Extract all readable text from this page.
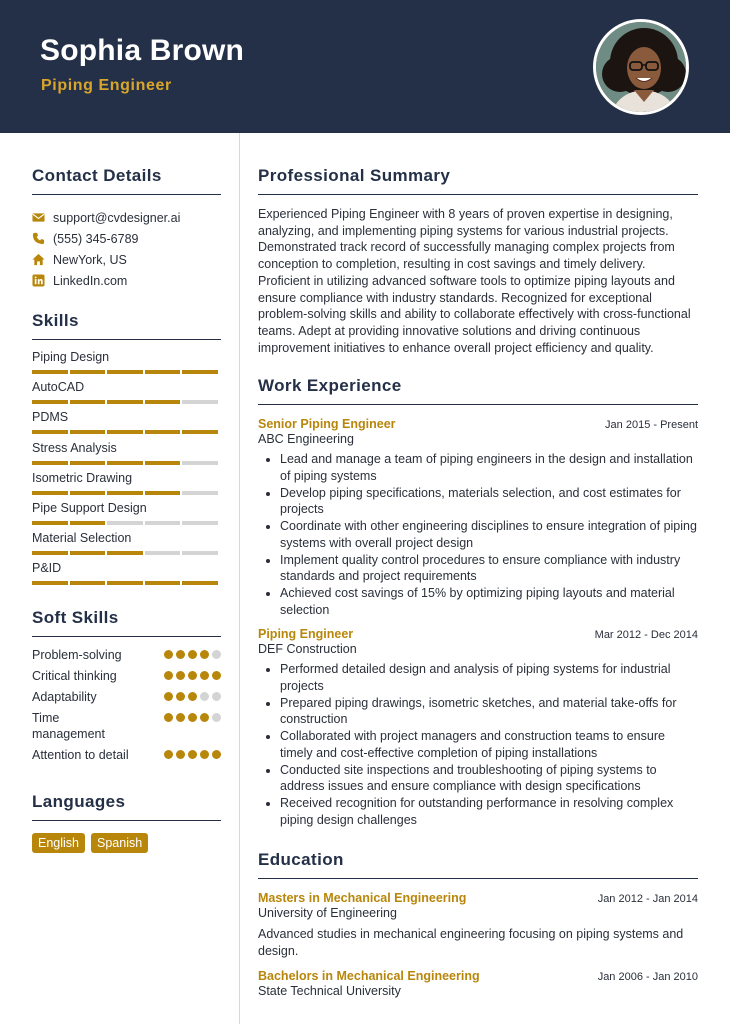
Sophia Brown
Piping Engineer
Contact Details
support@cvdesigner.ai
(555) 345-6789
NewYork, US
LinkedIn.com
Skills
Piping Design
AutoCAD
PDMS
Stress Analysis
Isometric Drawing
Pipe Support Design
Material Selection
P&ID
Soft Skills
Problem-solving
Critical thinking
Adaptability
Time management
Attention to detail
Languages
English	Spanish
Professional Summary

Experienced Piping Engineer with 8 years of proven expertise in designing, analyzing, and implementing piping systems for various industrial projects. Demonstrated track record of successfully managing complex projects from conception to completion, resulting in cost savings and timely delivery. Proficient in utilizing advanced software tools to optimize piping layouts and ensure compliance with industry standards. Recognized for exceptional problem-solving skills and ability to collaborate effectively with cross-functional teams. Adept at providing innovative solutions and driving continuous improvement initiatives to enhance overall project efficiency and quality.

Work Experience
Senior Piping Engineer	Jan 2015 - Present
ABC Engineering
• Lead and manage a team of piping engineers in the design and installation of piping systems
• Develop piping specifications, materials selection, and cost estimates for projects
• Coordinate with other engineering disciplines to ensure integration of piping systems with overall project design
• Implement quality control procedures to ensure compliance with industry standards and project requirements
• Achieved cost savings of 15% by optimizing piping layouts and material selection
Piping Engineer	Mar 2012 - Dec 2014
DEF Construction
• Performed detailed design and analysis of piping systems for industrial projects
• Prepared piping drawings, isometric sketches, and material take-offs for construction
• Collaborated with project managers and construction teams to ensure timely and cost-effective completion of piping installations
• Conducted site inspections and troubleshooting of piping systems to address issues and ensure compliance with design specifications
• Received recognition for outstanding performance in resolving complex piping design challenges
Education
Masters in Mechanical Engineering	Jan 2012 - Jan 2014
University of Engineering

Advanced studies in mechanical engineering focusing on piping systems and design.

Bachelors in Mechanical Engineering	Jan 2006 - Jan 2010
State Technical University
